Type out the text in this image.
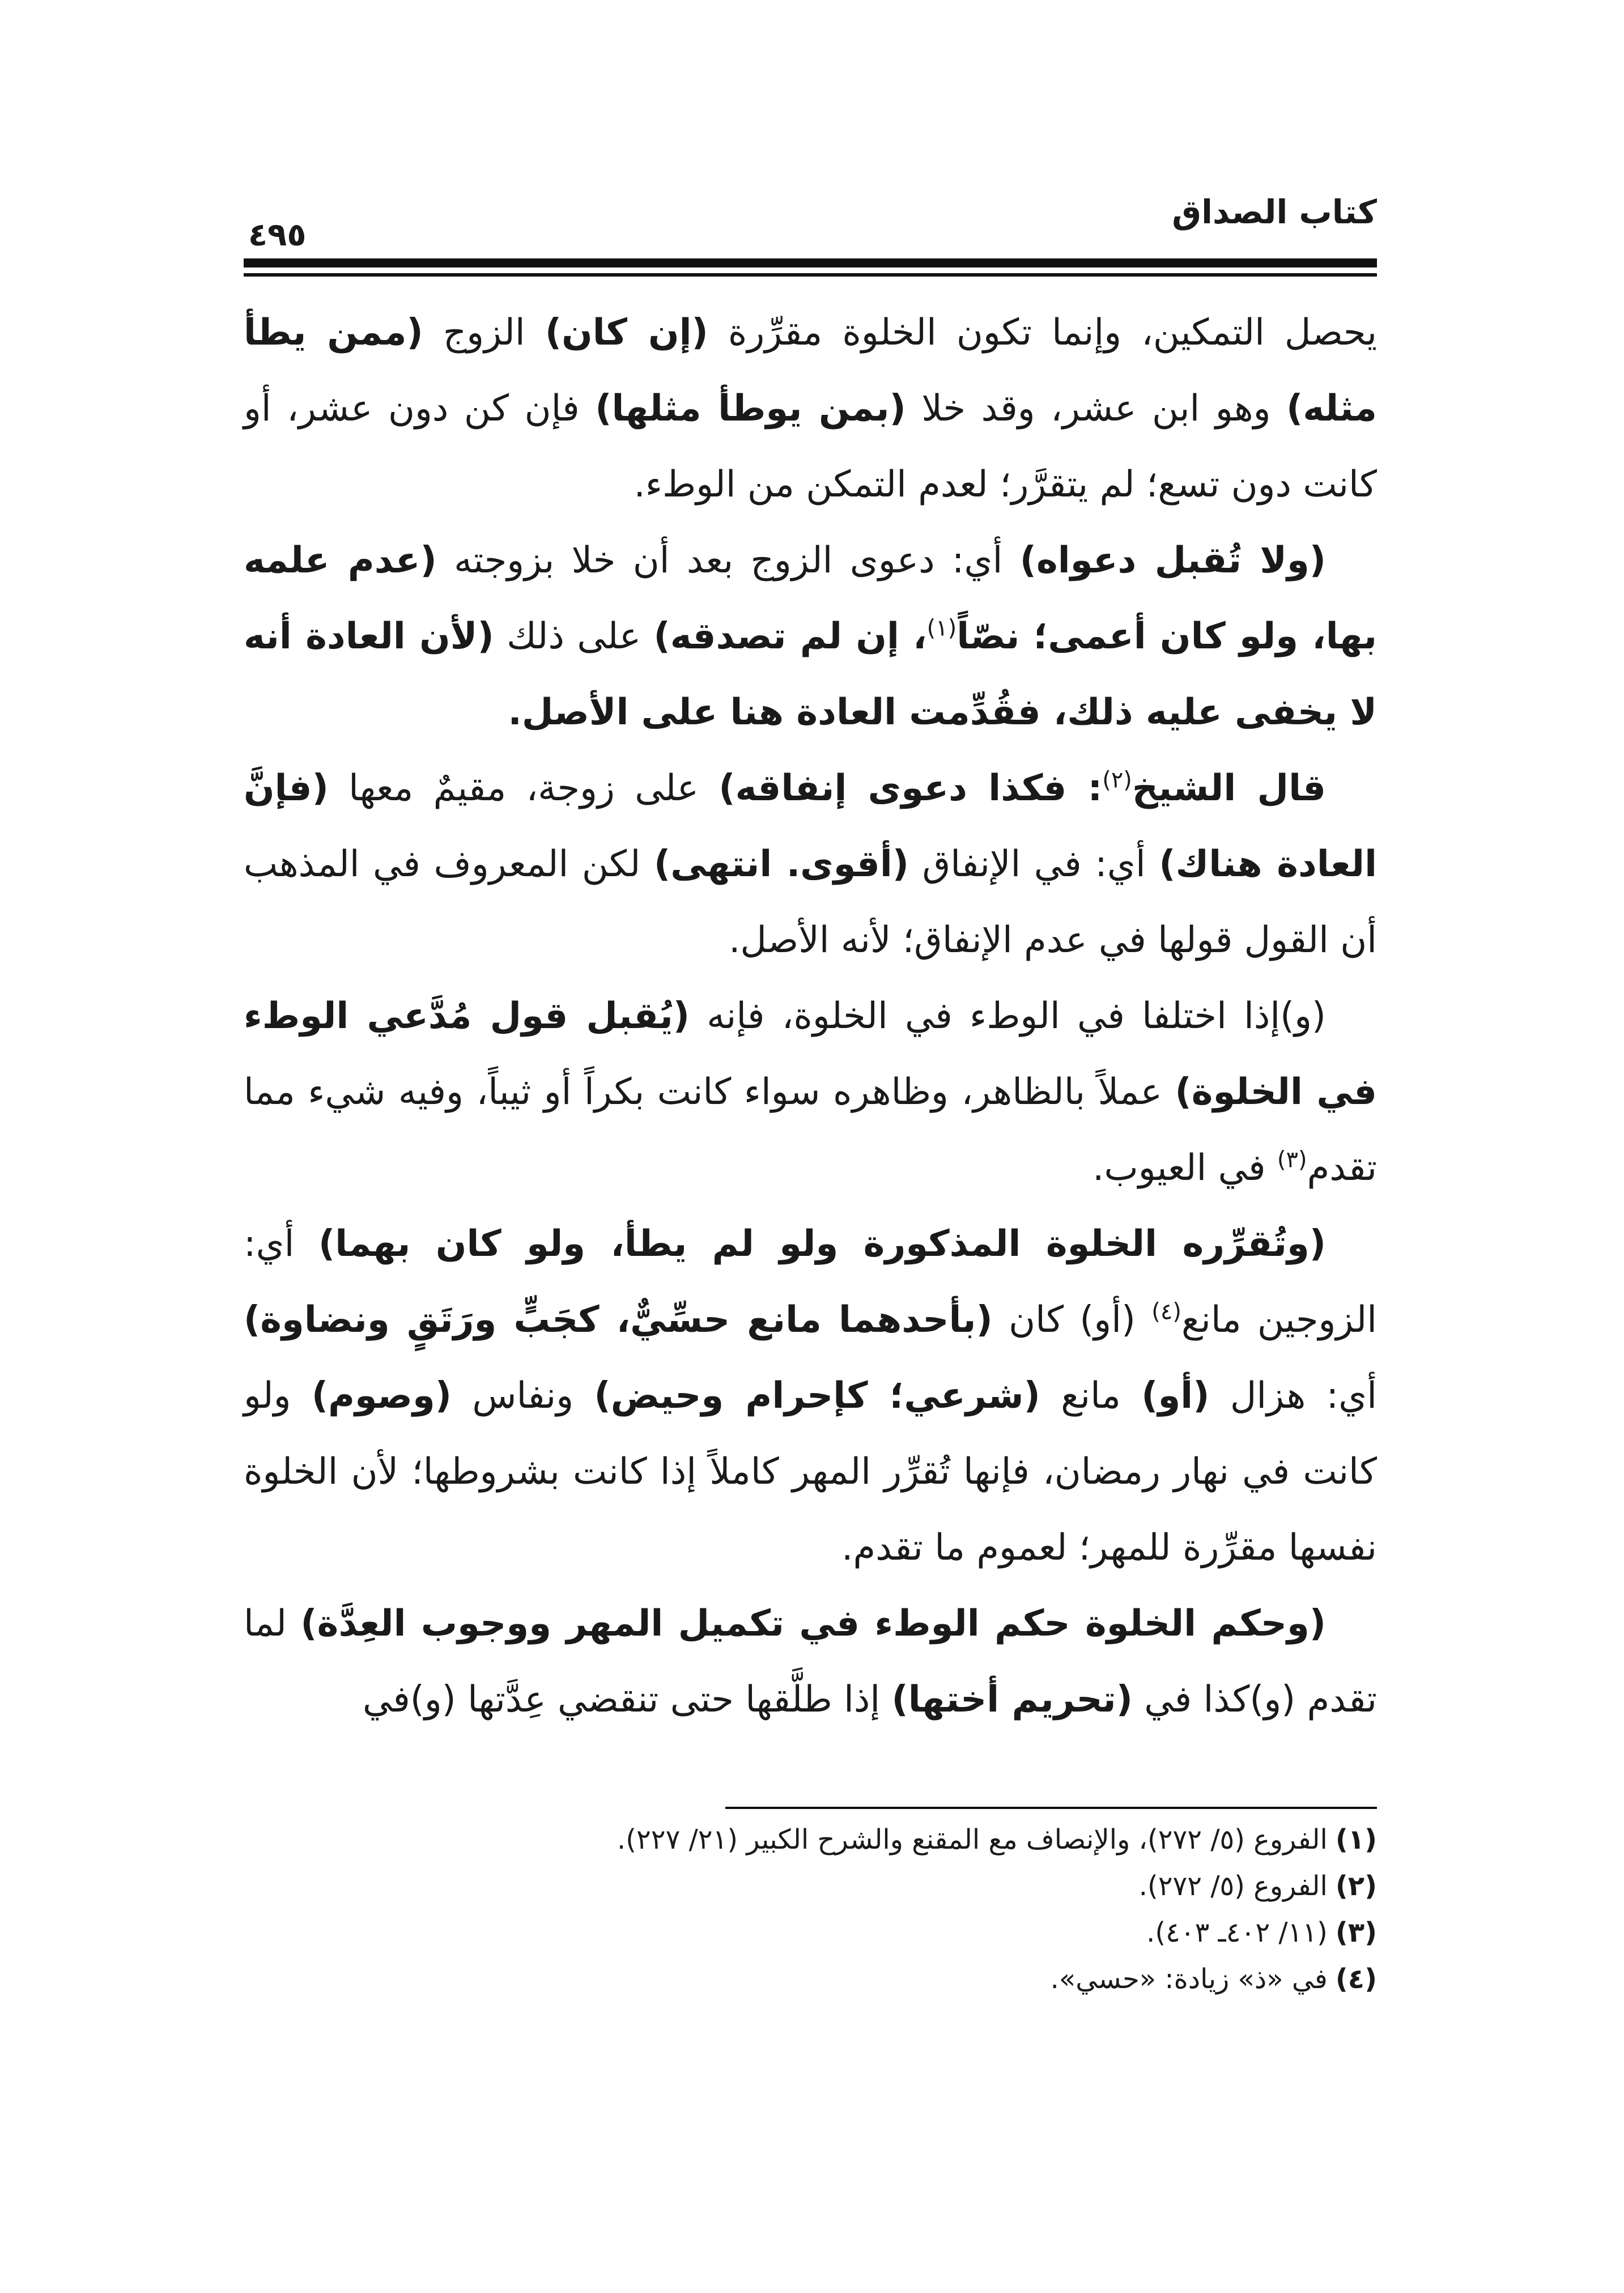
كتاب الصداق
٤٩٥

يحصل التمكين، وإنما تكون الخلوة مقرِّرة (إن كان) الزوج (ممن يطأ مثله) وهو ابن عشر، وقد خلا (بمن يوطأ مثلها) فإن كن دون عشر، أو كانت دون تسع؛ لم يتقرَّر؛ لعدم التمكن من الوطء.

(ولا تُقبل دعواه) أي: دعوى الزوج بعد أن خلا بزوجته (عدم علمه بها، ولو كان أعمى؛ نصّاً$^{(١)}$، إن لم تصدقه) على ذلك (لأن العادة أنه لا يخفى عليه ذلك، فقُدِّمت العادة هنا على الأصل.

قال الشيخ$^{(٢)}$: فكذا دعوى إنفاقه) على زوجة، مقيمٌ معها (فإنَّ العادة هناك) أي: في الإنفاق (أقوى. انتهى) لكن المعروف في المذهب أن القول قولها في عدم الإنفاق؛ لأنه الأصل.

(و)إذا اختلفا في الوطء في الخلوة، فإنه (يُقبل قول مُدَّعي الوطء في الخلوة) عملاً بالظاهر، وظاهره سواء كانت بكراً أو ثيباً، وفيه شيء مما تقدم$^{(٣)}$ في العيوب.

(وتُقرِّره الخلوة المذكورة ولو لم يطأ، ولو كان بهما) أي: الزوجين مانع$^{(٤)}$ (أو) كان (بأحدهما مانع حسِّيٌّ، كجَبٍّ ورَتَقٍ ونضاوة) أي: هزال (أو) مانع (شرعي؛ كإحرام وحيض) ونفاس (وصوم) ولو كانت في نهار رمضان، فإنها تُقرِّر المهر كاملاً إذا كانت بشروطها؛ لأن الخلوة نفسها مقرِّرة للمهر؛ لعموم ما تقدم.

(وحكم الخلوة حكم الوطء في تكميل المهر ووجوب العِدَّة) لما تقدم (و)كذا في (تحريم أختها) إذا طلَّقها حتى تنقضي عِدَّتها (و)في

(١)الفروع (٥/ ٢٧٢)، والإنصاف مع المقنع والشرح الكبير (٢١/ ٢٢٧).

(٢)الفروع (٥/ ٢٧٢).

(٣)(١١/ ٤٠٢ـ ٤٠٣).

(٤)في «ذ» زيادة: «حسي».
